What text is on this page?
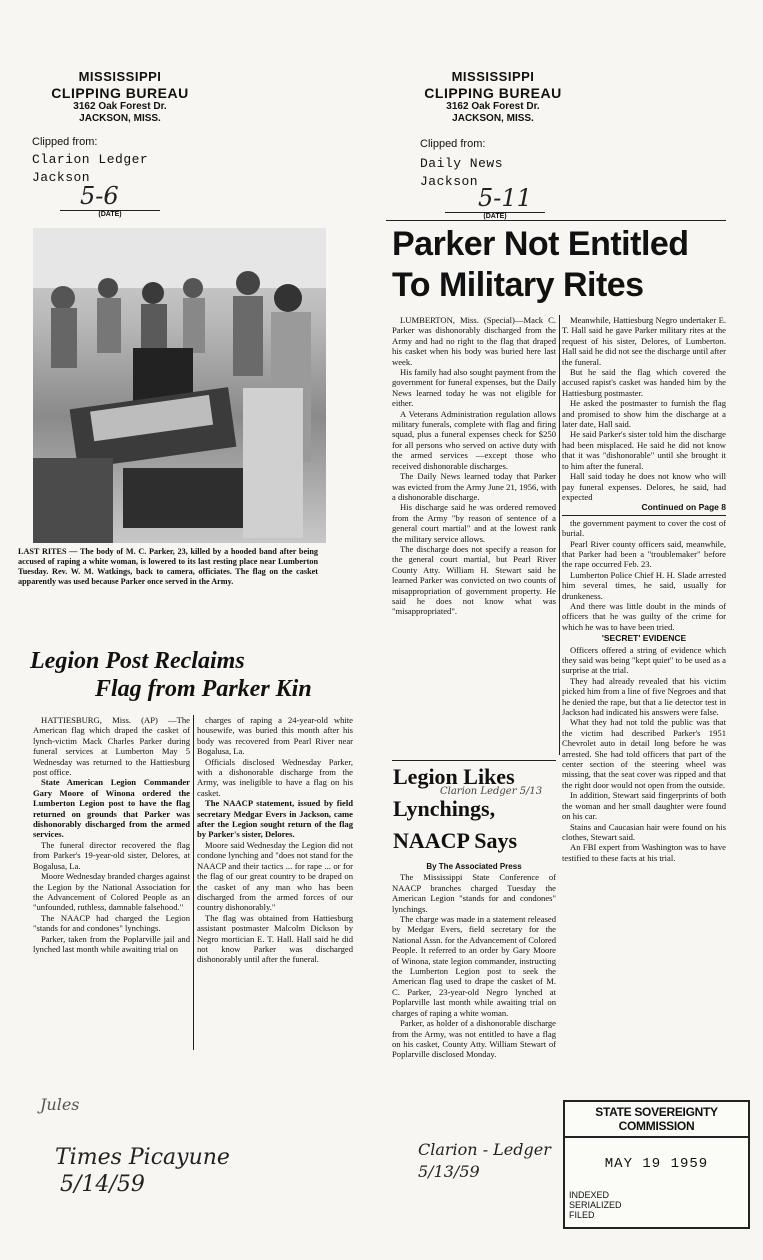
MISSISSIPPI
CLIPPING BUREAU
3162 Oak Forest Dr.
JACKSON, MISS.
Clipped from:
Clarion Ledger
Jackson
5-6
(DATE)
MISSISSIPPI
CLIPPING BUREAU
3162 Oak Forest Dr.
JACKSON, MISS.
Clipped from:
Daily News
Jackson
5-11
(DATE)
LAST RITES — The body of M. C. Parker, 23, killed by a hooded band after being accused of raping a white woman, is lowered to its last resting place near Lumberton Tuesday. Rev. W. M. Watkings, back to camera, officiates. The flag on the casket apparently was used because Parker once served in the Army.
Legion Post Reclaims
Flag from Parker Kin

HATTIESBURG, Miss. (AP) —The American flag which draped the casket of lynch-victim Mack Charles Parker during funeral services at Lumberton May 5 Wednesday was returned to the Hattiesburg post office.

State American Legion Commander Gary Moore of Winona ordered the Lumberton Legion post to have the flag returned on grounds that Parker was dishonorably discharged from the armed services.

The funeral director recovered the flag from Parker's 19-year-old sister, Delores, at Bogalusa, La.

Moore Wednesday branded charges against the Legion by the National Association for the Advancement of Colored People as an "unfounded, ruthless, damnable falsehood."

The NAACP had charged the Legion "stands for and condones" lynchings.

Parker, taken from the Poplarville jail and lynched last month while awaiting trial on

charges of raping a 24-year-old white housewife, was buried this month after his body was recovered from Pearl River near Bogalusa, La.

Officials disclosed Wednesday Parker, with a dishonorable discharge from the Army, was ineligible to have a flag on his casket.

The NAACP statement, issued by field secretary Medgar Evers in Jackson, came after the Legion sought return of the flag by Parker's sister, Delores.

Moore said Wednesday the Legion did not condone lynching and "does not stand for the NAACP and their tactics ... for rape ... or for the flag of our great country to be draped on the casket of any man who has been discharged from the armed forces of our country dishonorably."

The flag was obtained from Hattiesburg assistant postmaster Malcolm Dickson by Negro mortician E. T. Hall. Hall said he did not know Parker was discharged dishonorably until after the funeral.

Jules
Times Picayune
5/14/59
Parker Not Entitled
To Military Rites

LUMBERTON, Miss. (Special)—Mack C. Parker was dishonorably discharged from the Army and had no right to the flag that draped his casket when his body was buried here last week.

His family had also sought payment from the government for funeral expenses, but the Daily News learned today he was not eligible for either.

A Veterans Administration regulation allows military funerals, complete with flag and firing squad, plus a funeral expenses check for $250 for all persons who served on active duty with the armed services —except those who received dishonorable discharges.

The Daily News learned today that Parker was evicted from the Army June 21, 1956, with a dishonorable discharge.

His discharge said he was ordered removed from the Army "by reason of sentence of a general court martial" and at the lowest rank the military service allows.

The discharge does not specify a reason for the general court martial, but Pearl River County Atty. William H. Stewart said he learned Parker was convicted on two counts of misappropriation of government property. He said he does not know what was "misappropriated".

Meanwhile, Hattiesburg Negro undertaker E. T. Hall said he gave Parker military rites at the request of his sister, Delores, of Lumberton. Hall said he did not see the discharge until after the funeral.

But he said the flag which covered the accused rapist's casket was handed him by the Hattiesburg postmaster.

He asked the postmaster to furnish the flag and promised to show him the discharge at a later date, Hall said.

He said Parker's sister told him the discharge had been misplaced. He said he did not know that it was "dishonorable" until she brought it to him after the funeral.

Hall said today he does not know who will pay funeral expenses. Delores, he said, had expected

Continued on Page 8

the government payment to cover the cost of burial.

Pearl River county officers said, meanwhile, that Parker had been a "troublemaker" before the rape occurred Feb. 23.

Lumberton Police Chief H. H. Slade arrested him several times, he said, usually for drunkeness.

And there was little doubt in the minds of officers that he was guilty of the crime for which he was to have been tried.

'SECRET' EVIDENCE

Officers offered a string of evidence which they said was being "kept quiet" to be used as a surprise at the trial.

They had already revealed that his victim picked him from a line of five Negroes and that he denied the rape, but that a lie detector test in Jackson had indicated his answers were false.

What they had not told the public was that the victim had described Parker's 1951 Chevrolet auto in detail long before he was arrested. She had told officers that part of the center section of the steering wheel was missing, that the seat cover was ripped and that the right door would not open from the outside.

In addition, Stewart said fingerprints of both the woman and her small daughter were found on his car.

Stains and Caucasian hair were found on his clothes, Stewart said.

An FBI expert from Washington was to have testified to these facts at his trial.

Legion Likes
Lynchings,
Clarion Ledger 5/13
NAACP Says
By The Associated Press

The Mississippi State Conference of NAACP branches charged Tuesday the American Legion "stands for and condones" lynchings.

The charge was made in a statement released by Medgar Evers, field secretary for the National Assn. for the Advancement of Colored People. It referred to an order by Gary Moore of Winona, state legion commander, instructing the Lumberton Legion post to seek the American flag used to drape the casket of M. C. Parker, 23-year-old Negro lynched at Poplarville last month while awaiting trial on charges of raping a white woman.

Parker, as holder of a dishonorable discharge from the Army, was not entitled to have a flag on his casket, County Atty. William Stewart of Poplarville disclosed Monday.

Clarion - Ledger
5/13/59
STATE SOVEREIGNTY COMMISSION
MAY 19 1959
INDEXED
SERIALIZED
FILED
